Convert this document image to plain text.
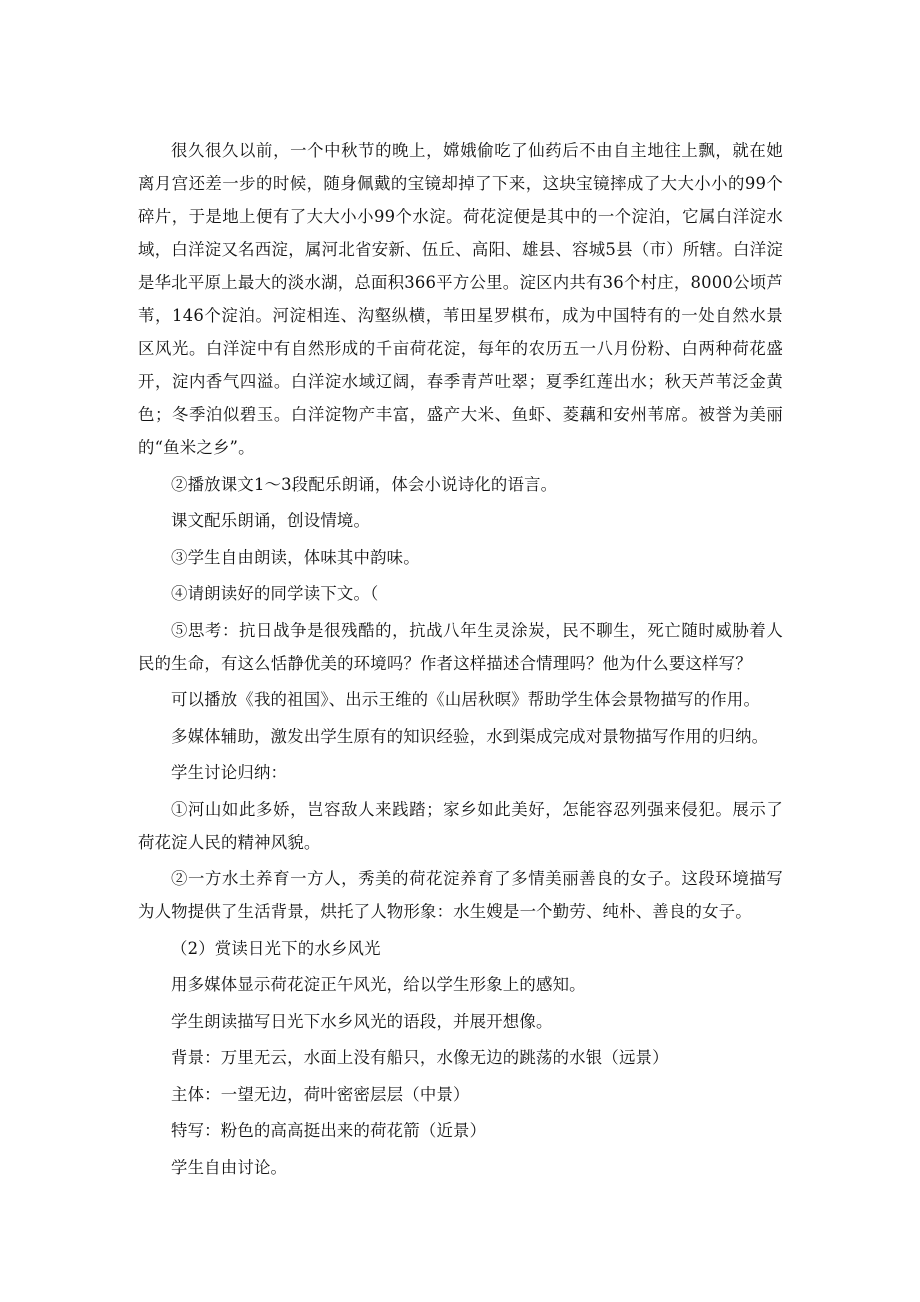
很久很久以前，一个中秋节的晚上，嫦娥偷吃了仙药后不由自主地往上飘，就在她离月宫还差一步的时候，随身佩戴的宝镜却掉了下来，这块宝镜摔成了大大小小的99个碎片，于是地上便有了大大小小99个水淀。荷花淀便是其中的一个淀泊，它属白洋淀水域，白洋淀又名西淀，属河北省安新、伍丘、高阳、雄县、容城5县（市）所辖。白洋淀是华北平原上最大的淡水湖，总面积366平方公里。淀区内共有36个村庄，8000公顷芦苇，146个淀泊。河淀相连、沟壑纵横，苇田星罗棋布，成为中国特有的一处自然水景区风光。白洋淀中有自然形成的千亩荷花淀，每年的农历五一八月份粉、白两种荷花盛开，淀内香气四溢。白洋淀水域辽阔，春季青芦吐翠；夏季红莲出水；秋天芦苇泛金黄色；冬季泊似碧玉。白洋淀物产丰富，盛产大米、鱼虾、菱藕和安州苇席。被誉为美丽的“鱼米之乡”。

②播放课文1～3段配乐朗诵，体会小说诗化的语言。

课文配乐朗诵，创设情境。

③学生自由朗读，体味其中韵味。

④请朗读好的同学读下文。（

⑤思考：抗日战争是很残酷的，抗战八年生灵涂炭，民不聊生，死亡随时威胁着人民的生命，有这么恬静优美的环境吗？作者这样描述合情理吗？他为什么要这样写？

可以播放《我的祖国》、出示王维的《山居秋暝》帮助学生体会景物描写的作用。

多媒体辅助，激发出学生原有的知识经验，水到渠成完成对景物描写作用的归纳。

学生讨论归纳：

①河山如此多娇，岂容敌人来践踏；家乡如此美好，怎能容忍列强来侵犯。展示了荷花淀人民的精神风貌。

②一方水土养育一方人，秀美的荷花淀养育了多情美丽善良的女子。这段环境描写为人物提供了生活背景，烘托了人物形象：水生嫂是一个勤劳、纯朴、善良的女子。

（2）赏读日光下的水乡风光

用多媒体显示荷花淀正午风光，给以学生形象上的感知。

学生朗读描写日光下水乡风光的语段，并展开想像。

背景：万里无云，水面上没有船只，水像无边的跳荡的水银（远景）

主体：一望无边，荷叶密密层层（中景）

特写：粉色的高高挺出来的荷花箭（近景）

学生自由讨论。
